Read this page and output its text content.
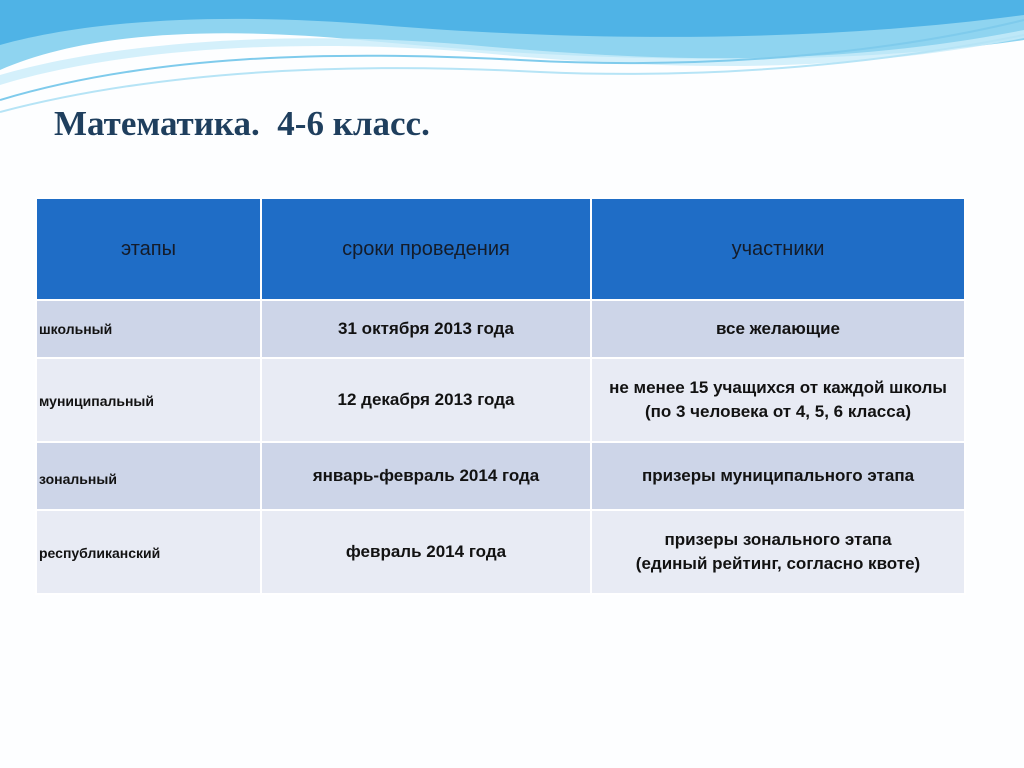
Математика.  4-6 класс.
этапы	сроки проведения	участники
школьный	31 октября 2013 года	все желающие

муниципальный	12 декабря 2013 года	не менее 15 учащихся от каждой школы
(по 3 человека от 4, 5, 6 класса)

зональный	январь-февраль 2014 года	призеры муниципального этапа

республиканский	февраль 2014 года	призеры зонального этапа
(единый рейтинг, согласно квоте)
